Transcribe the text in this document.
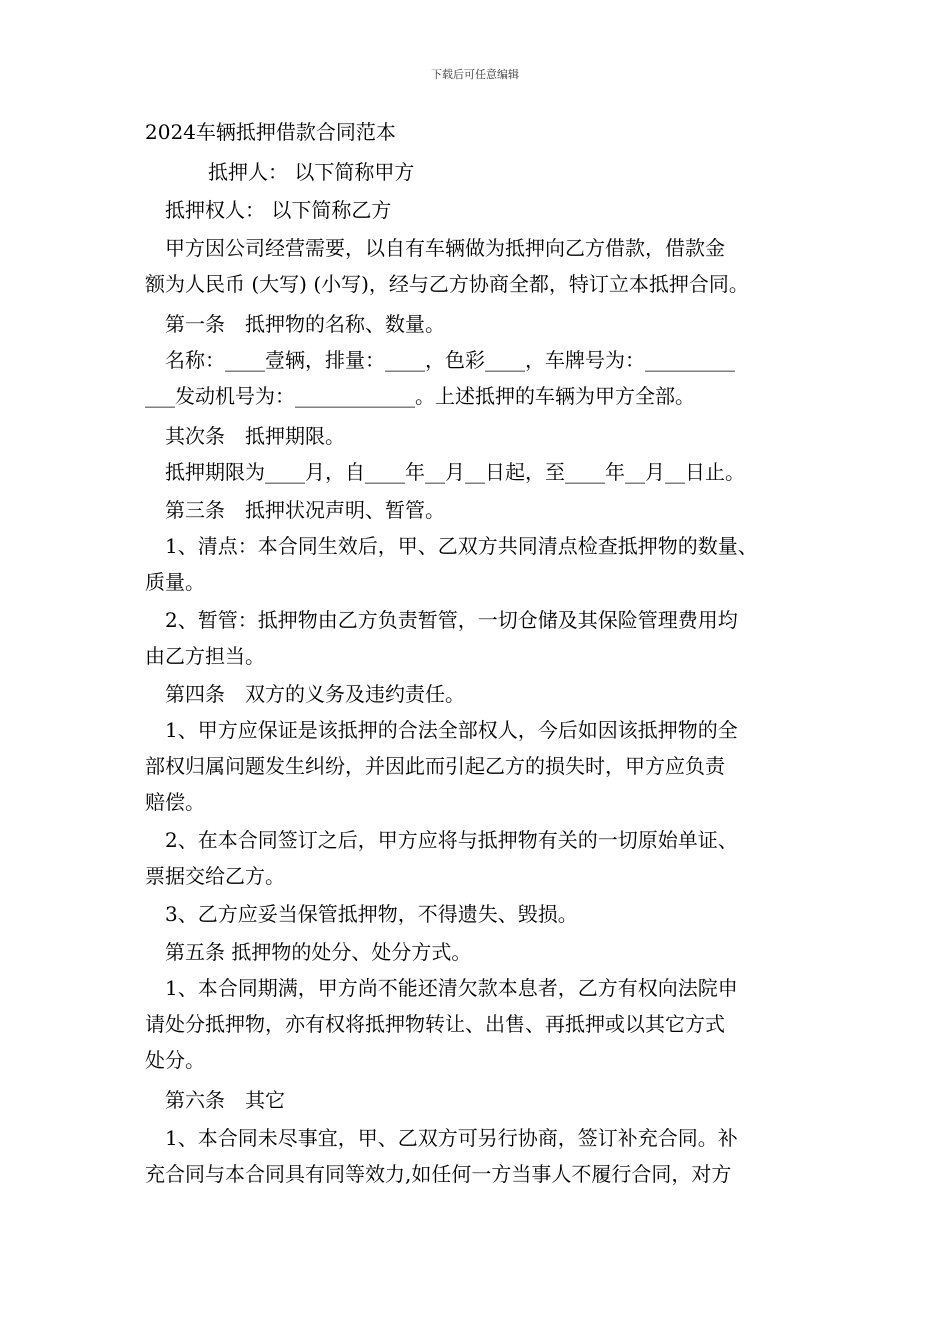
下载后可任意编辑
2024车辆抵押借款合同范本
抵押人： 以下简称甲方
抵押权人： 以下简称乙方
甲方因公司经营需要，以自有车辆做为抵押向乙方借款，借款金
额为人民币 (大写) (小写)，经与乙方协商全都，特订立本抵押合同。
第一条　抵押物的名称、数量。
名称：____壹辆，排量：____，色彩____，车牌号为：_________
___发动机号为：____________。上述抵押的车辆为甲方全部。
其次条　抵押期限。
抵押期限为____月，自____年__月__日起，至____年__月__日止。
第三条　抵押状况声明、暂管。
1、清点：本合同生效后，甲、乙双方共同清点检查抵押物的数量、
质量。
2、暂管：抵押物由乙方负责暂管，一切仓储及其保险管理费用均
由乙方担当。
第四条　双方的义务及违约责任。
1、甲方应保证是该抵押的合法全部权人，今后如因该抵押物的全
部权归属问题发生纠纷，并因此而引起乙方的损失时，甲方应负责
赔偿。
2、在本合同签订之后，甲方应将与抵押物有关的一切原始单证、
票据交给乙方。
3、乙方应妥当保管抵押物，不得遗失、毁损。
第五条 抵押物的处分、处分方式。
1、本合同期满，甲方尚不能还清欠款本息者，乙方有权向法院申
请处分抵押物，亦有权将抵押物转让、出售、再抵押或以其它方式
处分。
第六条　其它
1、本合同未尽事宜，甲、乙双方可另行协商，签订补充合同。补
充合同与本合同具有同等效力,如任何一方当事人不履行合同，对方
